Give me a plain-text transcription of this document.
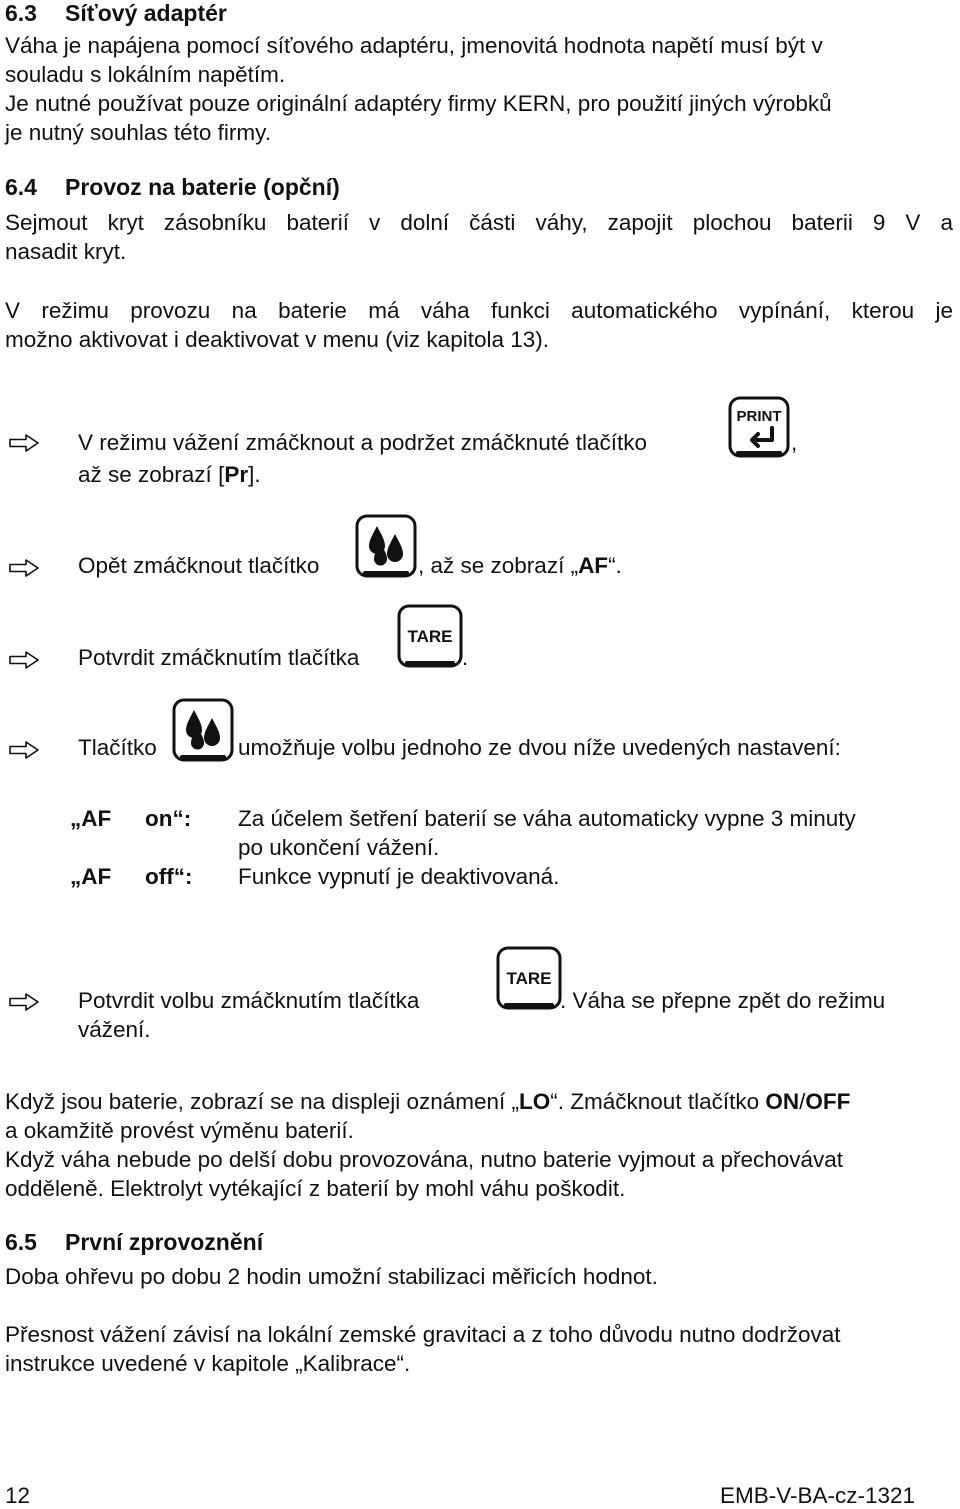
6.3 Síťový adaptér
Váha je napájena pomocí síťového adaptéru, jmenovitá hodnota napětí musí být v
souladu s lokálním napětím.
Je nutné používat pouze originální adaptéry firmy KERN, pro použití jiných výrobků
je nutný souhlas této firmy.
6.4 Provoz na baterie (opční)
Sejmout kryt zásobníku baterií v dolní části váhy, zapojit plochou baterii 9 V a
nasadit kryt.
V režimu provozu na baterie má váha funkci automatického vypínání, kterou je
možno aktivovat i deaktivovat v menu (viz kapitola 13).
V režimu vážení zmáčknout a podržet zmáčknuté tlačítko
PRINT
,
až se zobrazí [Pr].
Opět zmáčknout tlačítko	, až se zobrazí „AF“.
Potvrdit zmáčknutím tlačítka
TARE
.
Tlačítko	umožňuje volbu jednoho ze dvou níže uvedených nastavení:
„AF on“: Za účelem šetření baterií se váha automaticky vypne 3 minuty
po ukončení vážení.
„AF off“: Funkce vypnutí je deaktivovaná.
Potvrdit volbu zmáčknutím tlačítka
TARE
. Váha se přepne zpět do režimu
vážení.
Když jsou baterie, zobrazí se na displeji oznámení „LO“. Zmáčknout tlačítko ON/OFF
a okamžitě provést výměnu baterií.
Když váha nebude po delší dobu provozována, nutno baterie vyjmout a přechovávat
odděleně. Elektrolyt vytékající z baterií by mohl váhu poškodit.
6.5 První zprovoznění
Doba ohřevu po dobu 2 hodin umožní stabilizaci měřicích hodnot.
Přesnost vážení závisí na lokální zemské gravitaci a z toho důvodu nutno dodržovat
instrukce uvedené v kapitole „Kalibrace“.
12	EMB-V-BA-cz-1321
